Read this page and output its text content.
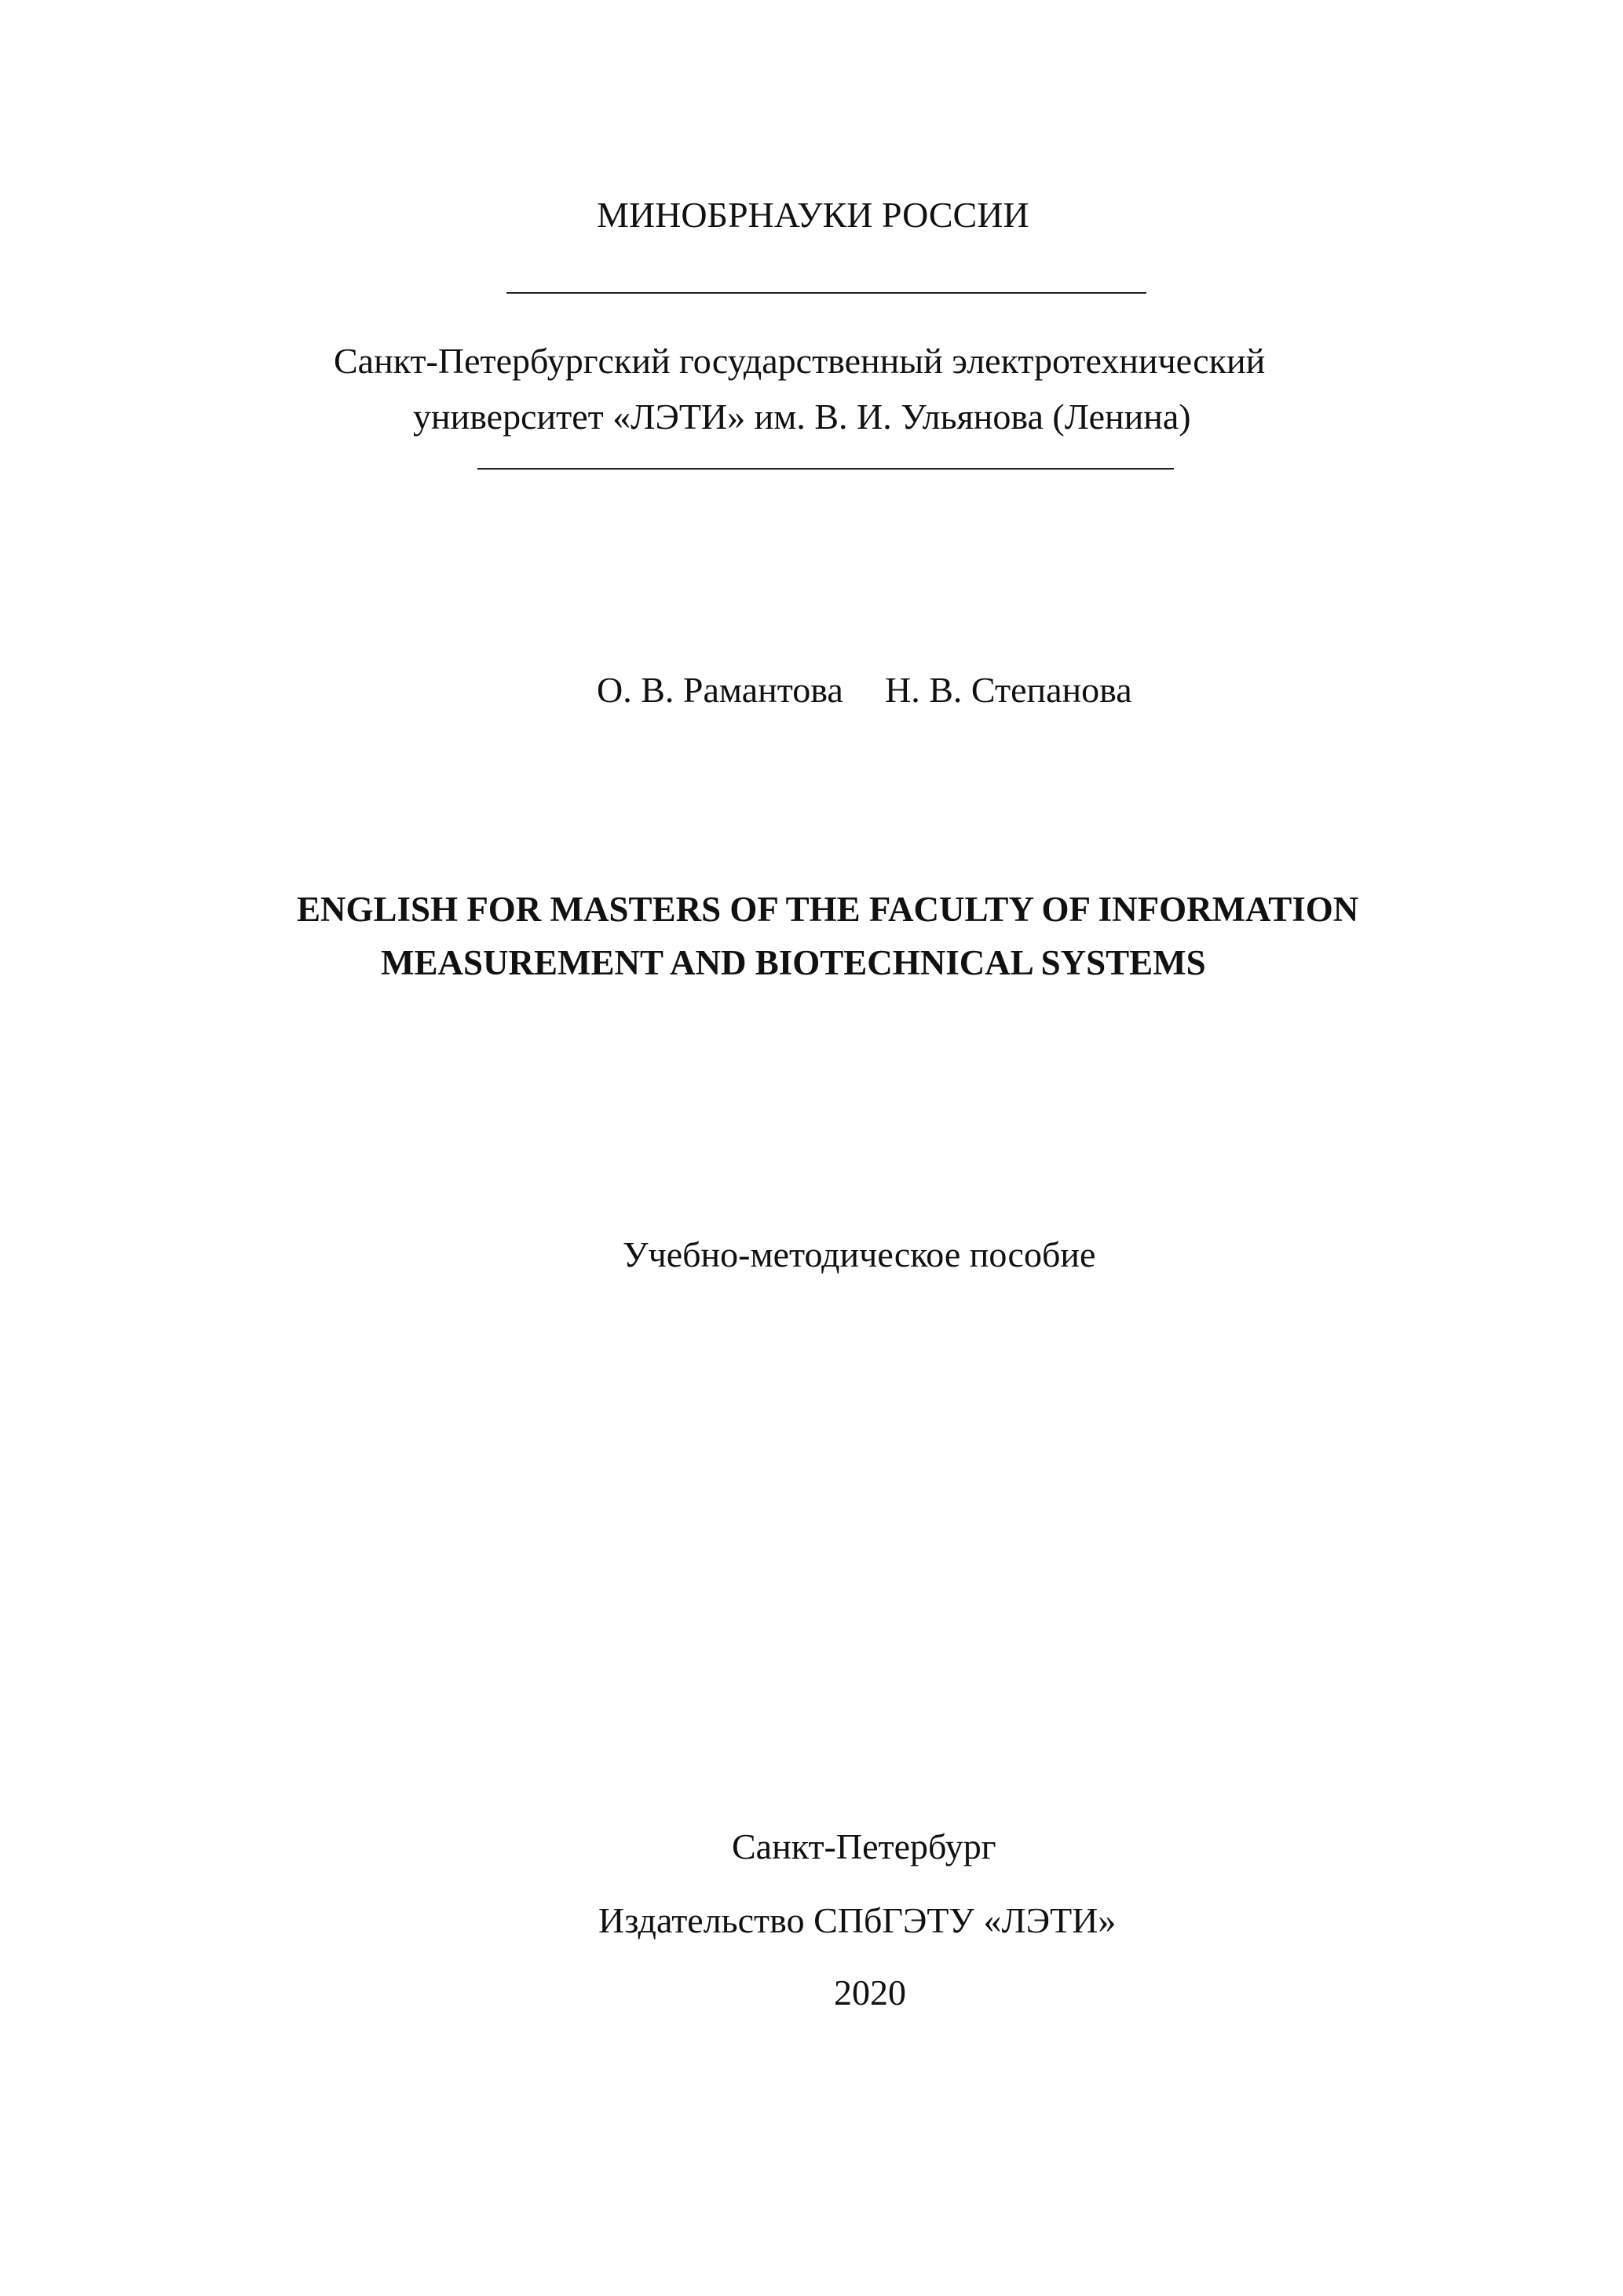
МИНОБРНАУКИ РОССИИ
Санкт-Петербургский государственный электротехнический
университет «ЛЭТИ» им. В. И. Ульянова (Ленина)
О. В. Рамантова Н. В. Степанова
ENGLISH FOR MASTERS OF THE FACULTY OF INFORMATION
MEASUREMENT AND BIOTECHNICAL SYSTEMS
Учебно-методическое пособие
Санкт-Петербург
Издательство СПбГЭТУ «ЛЭТИ»
2020
